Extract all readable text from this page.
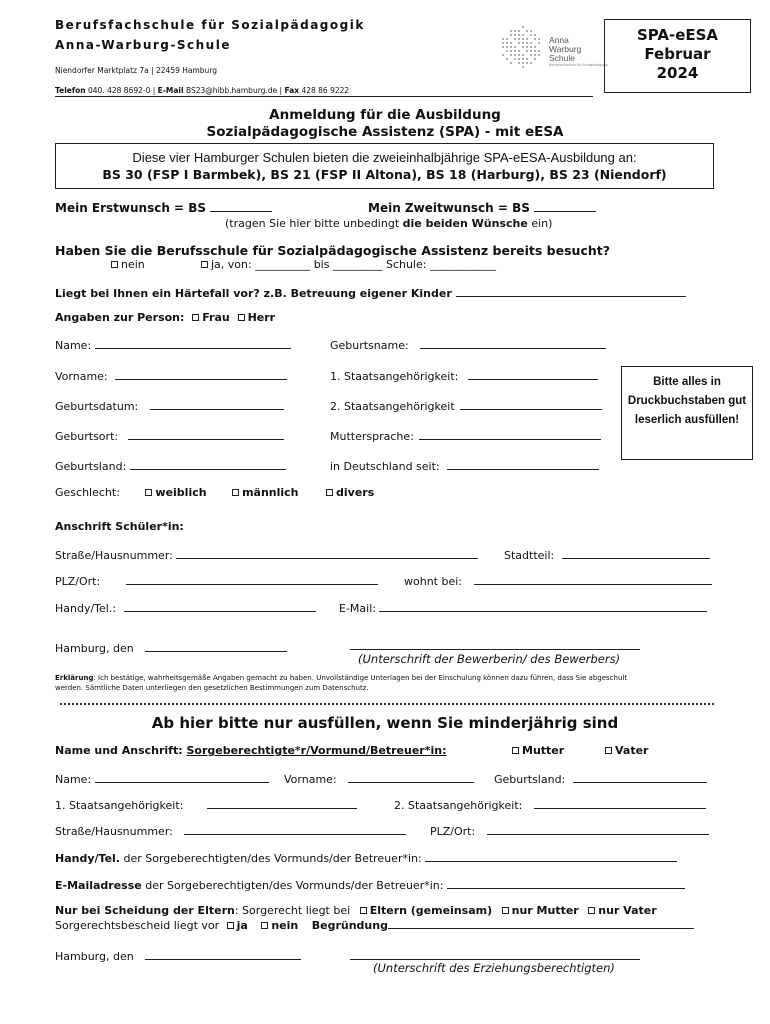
Berufsfachschule für Sozialpädagogik
Anna-Warburg-Schule
Niendorfer Marktplatz 7a | 22459 Hamburg
Telefon 040. 428 8692-0 | E-Mail BS23@hibb.hamburg.de | Fax 428 86 9222
Anna
Warburg
Schule
Berufsfachschule für Sozialpädagogik
SPA-eESA
Februar
2024
Anmeldung für die Ausbildung
Sozialpädagogische Assistenz (SPA) - mit eESA
Diese vier Hamburger Schulen bieten die zweieinhalbjährige SPA-eESA-Ausbildung an:
BS 30 (FSP I Barmbek), BS 21 (FSP II Altona), BS 18 (Harburg), BS 23 (Niendorf)
Mein Erstwunsch = BS	Mein Zweitwunsch = BS
(tragen Sie hier bitte unbedingt die beiden Wünsche ein)
Haben Sie die Berufsschule für Sozialpädagogische Assistenz bereits besucht?
nein	ja, von: __________ bis _________ Schule: ____________
Liegt bei Ihnen ein Härtefall vor? z.B. Betreuung eigener Kinder
Angaben zur Person: Frau Herr
Name:	Geburtsname:
Vorname:	1. Staatsangehörigkeit:
Geburtsdatum:	2. Staatsangehörigkeit
Geburtsort:	Muttersprache:
Geburtsland:	in Deutschland seit:
Geschlecht:	weiblich	männlich	divers
Bitte alles in Druckbuchstaben gut leserlich ausfüllen!
Anschrift Schüler*in:
Straße/Hausnummer:	Stadtteil:
PLZ/Ort:	wohnt bei:
Handy/Tel.:	E-Mail:
Hamburg, den
(Unterschrift der Bewerberin/ des Bewerbers)
Erklärung: Ich bestätige, wahrheitsgemäße Angaben gemacht zu haben. Unvollständige Unterlagen bei der Einschulung können dazu führen, dass Sie abgeschult
werden. Sämtliche Daten unterliegen den gesetzlichen Bestimmungen zum Datenschutz.
Ab hier bitte nur ausfüllen, wenn Sie minderjährig sind
Name und Anschrift: Sorgeberechtigte*r/Vormund/Betreuer*in:	Mutter	Vater
Name:	Vorname:	Geburtsland:
1. Staatsangehörigkeit:	2. Staatsangehörigkeit:
Straße/Hausnummer:	PLZ/Ort:
Handy/Tel. der Sorgeberechtigten/des Vormunds/der Betreuer*in:
E-Mailadresse der Sorgeberechtigten/des Vormunds/der Betreuer*in:
Nur bei Scheidung der Eltern: Sorgerecht liegt bei Eltern (gemeinsam) nur Mutter nur Vater
Sorgerechtsbescheid liegt vor ja nein Begründung
Hamburg, den
(Unterschrift des Erziehungsberechtigten)
